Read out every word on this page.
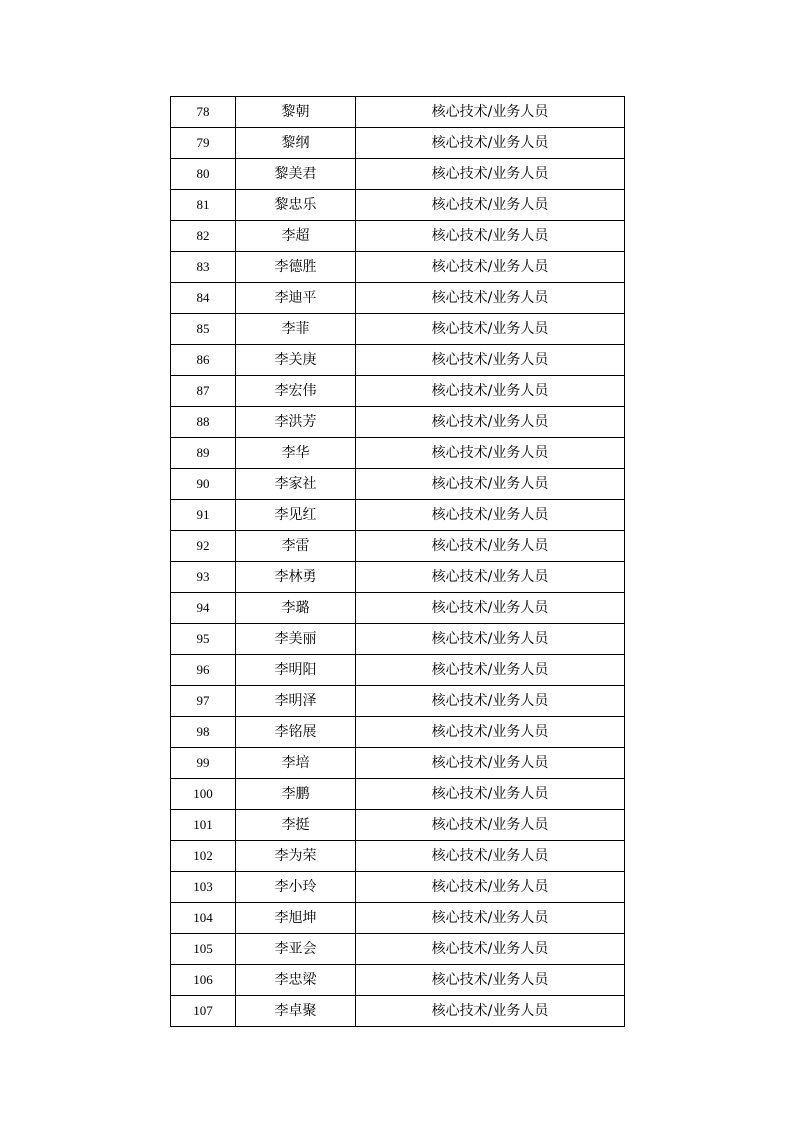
78	黎朝	核心技术/业务人员
79	黎纲	核心技术/业务人员
80	黎美君	核心技术/业务人员
81	黎忠乐	核心技术/业务人员
82	李超	核心技术/业务人员
83	李德胜	核心技术/业务人员
84	李迪平	核心技术/业务人员
85	李菲	核心技术/业务人员
86	李关庚	核心技术/业务人员
87	李宏伟	核心技术/业务人员
88	李洪芳	核心技术/业务人员
89	李华	核心技术/业务人员
90	李家社	核心技术/业务人员
91	李见红	核心技术/业务人员
92	李雷	核心技术/业务人员
93	李林勇	核心技术/业务人员
94	李璐	核心技术/业务人员
95	李美丽	核心技术/业务人员
96	李明阳	核心技术/业务人员
97	李明泽	核心技术/业务人员
98	李铭展	核心技术/业务人员
99	李培	核心技术/业务人员
100	李鹏	核心技术/业务人员
101	李挺	核心技术/业务人员
102	李为荣	核心技术/业务人员
103	李小玲	核心技术/业务人员
104	李旭坤	核心技术/业务人员
105	李亚会	核心技术/业务人员
106	李忠梁	核心技术/业务人员
107	李卓聚	核心技术/业务人员
